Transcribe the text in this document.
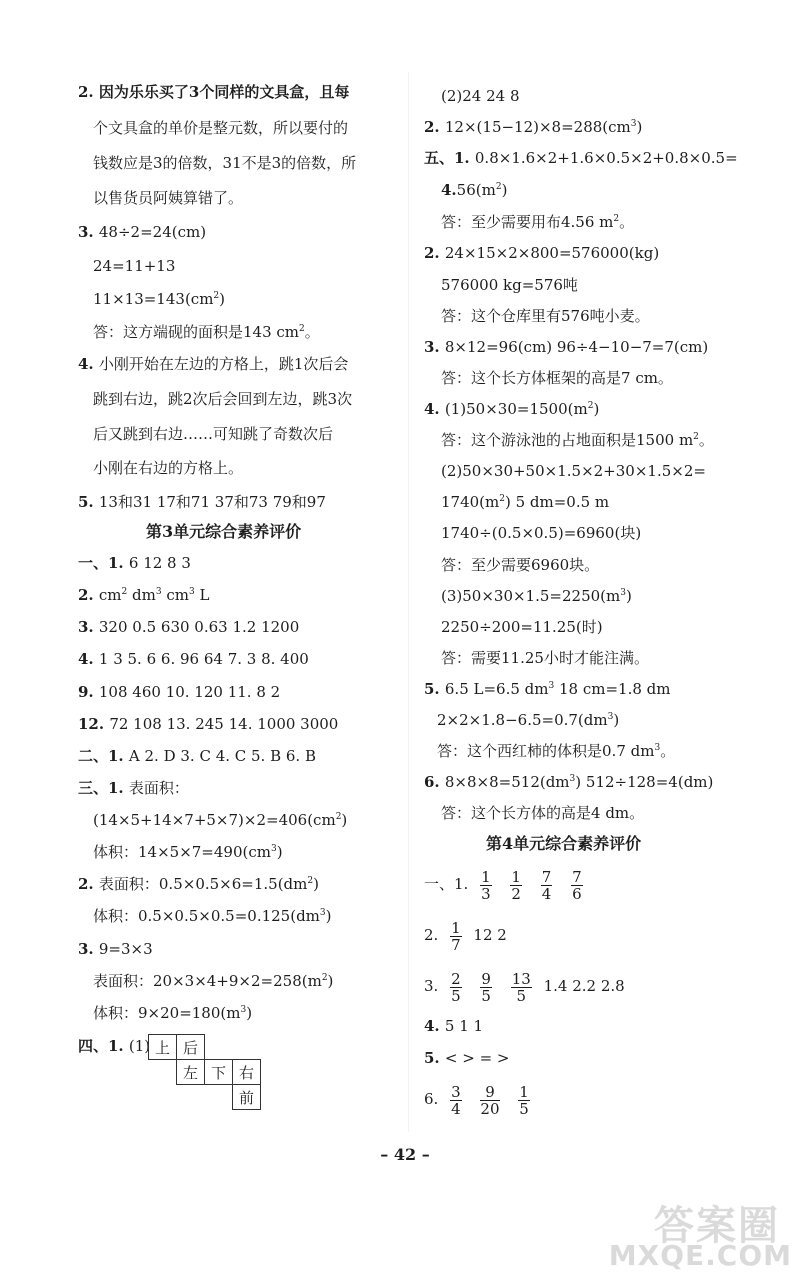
2. 因为乐乐买了3个同样的文具盒，且每
个文具盒的单价是整元数，所以要付的
钱数应是3的倍数，31不是3的倍数，所
以售货员阿姨算错了。
3. 48÷2=24(cm)
24=11+13
$11\times 13=143(cm^2)$
答：这方端砚的面积是143 $cm^2$。
4. 小刚开始在左边的方格上，跳1次后会
跳到右边，跳2次后会回到左边，跳3次
后又跳到右边……可知跳了奇数次后
小刚在右边的方格上。
5. 13和31 17和71 37和73 79和97
第3单元综合素养评价
一、1. 6 12 8 3
2. $cm^2$ $dm^3$ $cm^3$ L
3. 320 0.5 630 0.63 1.2 1200
4. 1 3 5. 6 6. 96 64 7. 3 8. 400
9. 108 460 10. 120 11. 8 2
12. 72 108 13. 245 14. 1000 3000
二、1. A 2. D 3. C 4. C 5. B 6. B
三、1. 表面积：
$(14\times 5+14\times 7+5\times 7)\times 2=406(cm^2)$
体积：$14\times 5\times 7=490(cm^3)$
2. 表面积：$0.5\times 0.5\times 6=1.5(dm^2)$
体积：$0.5\times 0.5\times 0.5=0.125(dm^3)$
3. 9=3×3
表面积：$20\times 3\times 4+9\times 2=258(m^2)$
体积：$9\times 20=180(m^3)$
四、1. (1) 上 后
左 下 右
前
(2)24 24 8
2. $12\times(15-12)\times 8=288(cm^3)$
五、1. 0.8×1.6×2+1.6×0.5×2+0.8×0.5=
$4.56(m^2)$
答：至少需要用布4.56 $m^2$。
2. 24×15×2×800=576000(kg)
576000 kg=576吨
答：这个仓库里有576吨小麦。
3. 8×12=96(cm) 96÷4−10−7=7(cm)
答：这个长方体框架的高是7 cm。
4. $(1)50\times 30=1500(m^2)$
答：这个游泳池的占地面积是1500 $m^2$。
(2)50×30+50×1.5×2+30×1.5×2=
$1740(m^2)$ 5 dm=0.5 m
1740÷(0.5×0.5)=6960(块)
答：至少需要6960块。
$(3)50\times 30\times 1.5=2250(m^3)$
2250÷200=11.25(时)
答：需要11.25小时才能注满。
5. 6.5 L=6.5 $dm^3$ 18 cm=1.8 dm
$2\times 2\times 1.8-6.5=0.7(dm^3)$
答：这个西红柿的体积是0.7 $dm^3$。
6. $8\times 8\times 8=512(dm^3)$ 512÷128=4(dm)
答：这个长方体的高是4 dm。
第4单元综合素养评价
一、1. $\frac{1}{3}$
$\frac{1}{2}$
$\frac{7}{4}$
$\frac{7}{6}$
2. $\frac{1}{7} 12$ 2
3. $\frac{2}{5}$
$\frac{9}{5}$
$\frac{13}{5} 1.4$ 2.2 2.8
4. 5 1 1
5. < > = >
6. $\frac{3}{4}$
$\frac{9}{20}$
$\frac{1}{5}$
– 42 –
答案圈
MXQE.COM
